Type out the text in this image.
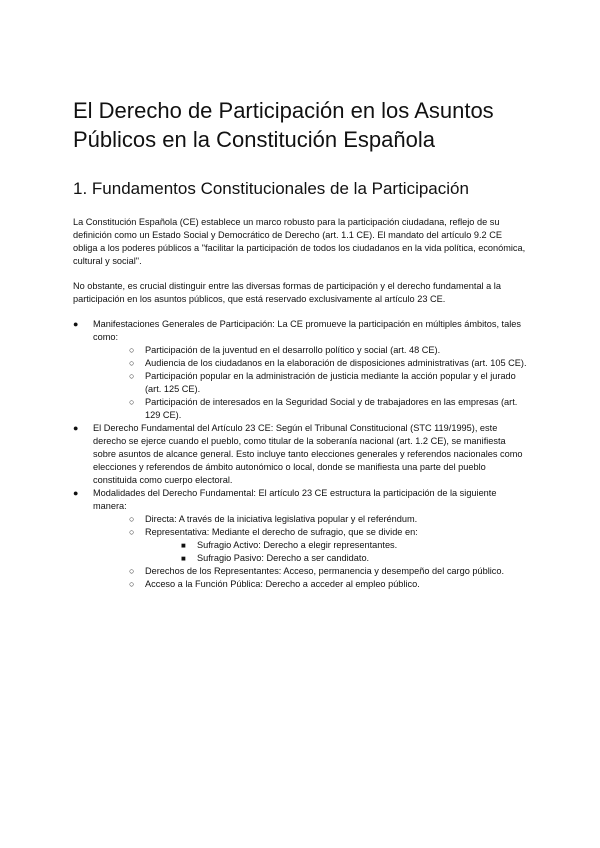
El Derecho de Participación en los Asuntos Públicos en la Constitución Española
1. Fundamentos Constitucionales de la Participación

La Constitución Española (CE) establece un marco robusto para la participación ciudadana, reflejo de su definición como un Estado Social y Democrático de Derecho (art. 1.1 CE). El mandato del artículo 9.2 CE obliga a los poderes públicos a "facilitar la participación de todos los ciudadanos en la vida política, económica, cultural y social".

No obstante, es crucial distinguir entre las diversas formas de participación y el derecho fundamental a la participación en los asuntos públicos, que está reservado exclusivamente al artículo 23 CE.

●	Manifestaciones Generales de Participación: La CE promueve la participación en múltiples ámbitos, tales como:
○	Participación de la juventud en el desarrollo político y social (art. 48 CE).
○	Audiencia de los ciudadanos en la elaboración de disposiciones administrativas (art. 105 CE).
○	Participación popular en la administración de justicia mediante la acción popular y el jurado (art. 125 CE).
○	Participación de interesados en la Seguridad Social y de trabajadores en las empresas (art. 129 CE).
●	El Derecho Fundamental del Artículo 23 CE: Según el Tribunal Constitucional (STC 119/1995), este derecho se ejerce cuando el pueblo, como titular de la soberanía nacional (art. 1.2 CE), se manifiesta sobre asuntos de alcance general. Esto incluye tanto elecciones generales y referendos nacionales como elecciones y referendos de ámbito autonómico o local, donde se manifiesta una parte del pueblo constituida como cuerpo electoral.
●	Modalidades del Derecho Fundamental: El artículo 23 CE estructura la participación de la siguiente manera:
○	Directa: A través de la iniciativa legislativa popular y el referéndum.
○	Representativa: Mediante el derecho de sufragio, que se divide en:
■	Sufragio Activo: Derecho a elegir representantes.
■	Sufragio Pasivo: Derecho a ser candidato.
○	Derechos de los Representantes: Acceso, permanencia y desempeño del cargo público.
○	Acceso a la Función Pública: Derecho a acceder al empleo público.
